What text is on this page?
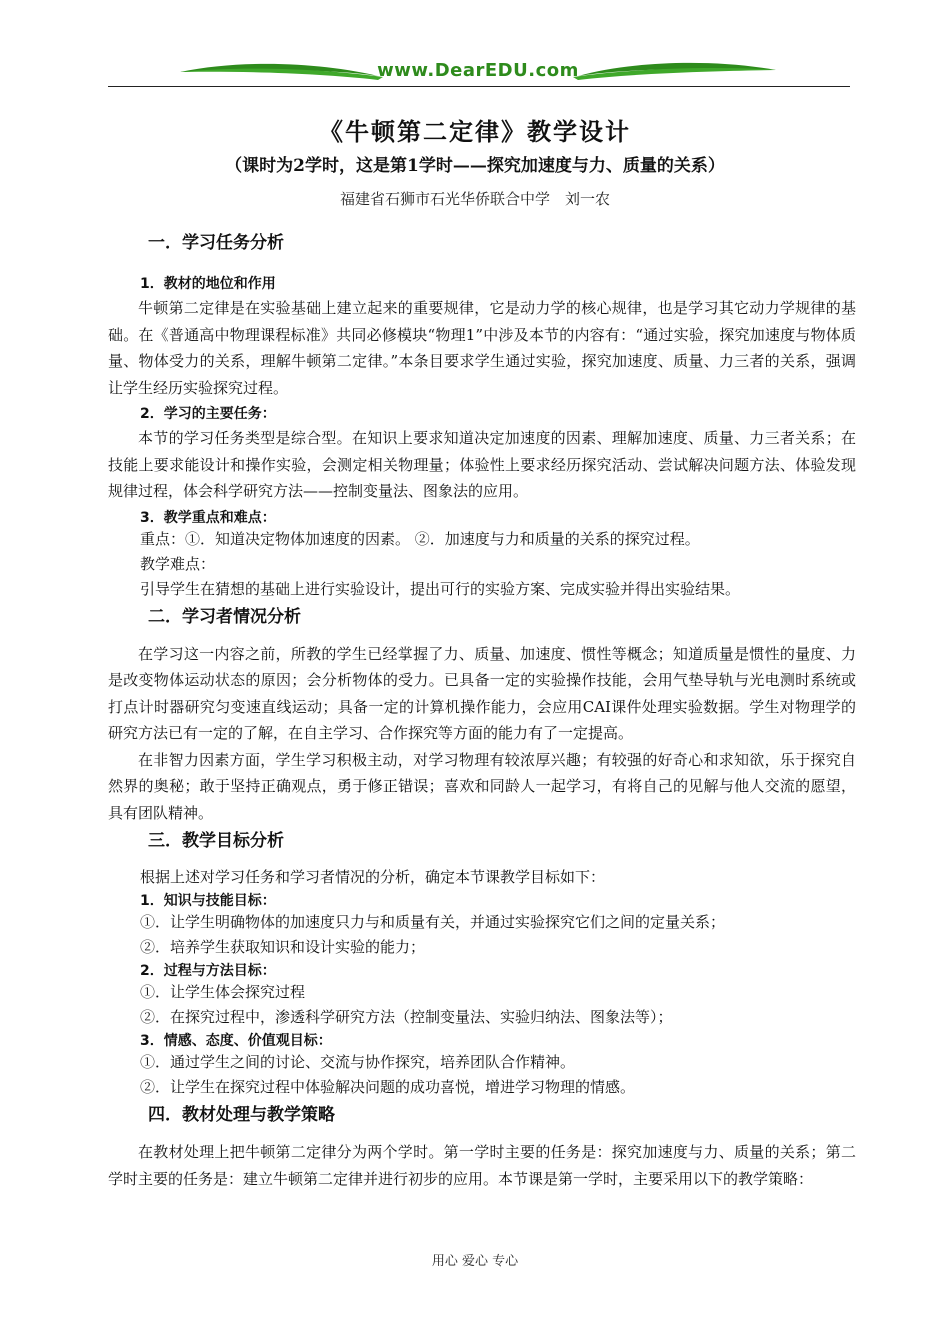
www.DearEDU.com
《牛顿第二定律》教学设计
（课时为2学时，这是第1学时——探究加速度与力、质量的关系）
福建省石狮市石光华侨联合中学　刘一农
一．学习任务分析
1．教材的地位和作用

牛顿第二定律是在实验基础上建立起来的重要规律，它是动力学的核心规律，也是学习其它动力学规律的基础。在《普通高中物理课程标准》共同必修模块“物理1”中涉及本节的内容有：“通过实验，探究加速度与物体质量、物体受力的关系，理解牛顿第二定律。”本条目要求学生通过实验，探究加速度、质量、力三者的关系，强调让学生经历实验探究过程。

2．学习的主要任务：

本节的学习任务类型是综合型。在知识上要求知道决定加速度的因素、理解加速度、质量、力三者关系；在技能上要求能设计和操作实验，会测定相关物理量；体验性上要求经历探究活动、尝试解决问题方法、体验发现规律过程，体会科学研究方法——控制变量法、图象法的应用。

3．教学重点和难点：

重点：①．知道决定物体加速度的因素。 ②．加速度与力和质量的关系的探究过程。

教学难点：

引导学生在猜想的基础上进行实验设计，提出可行的实验方案、完成实验并得出实验结果。

二．学习者情况分析

在学习这一内容之前，所教的学生已经掌握了力、质量、加速度、惯性等概念；知道质量是惯性的量度、力是改变物体运动状态的原因；会分析物体的受力。已具备一定的实验操作技能，会用气垫导轨与光电测时系统或打点计时器研究匀变速直线运动；具备一定的计算机操作能力，会应用CAI课件处理实验数据。学生对物理学的研究方法已有一定的了解，在自主学习、合作探究等方面的能力有了一定提高。

在非智力因素方面，学生学习积极主动，对学习物理有较浓厚兴趣；有较强的好奇心和求知欲，乐于探究自然界的奥秘；敢于坚持正确观点，勇于修正错误；喜欢和同龄人一起学习，有将自己的见解与他人交流的愿望，具有团队精神。

三．教学目标分析

根据上述对学习任务和学习者情况的分析，确定本节课教学目标如下：

1．知识与技能目标：

①．让学生明确物体的加速度只力与和质量有关，并通过实验探究它们之间的定量关系；

②．培养学生获取知识和设计实验的能力；

2．过程与方法目标：

①．让学生体会探究过程

②．在探究过程中，渗透科学研究方法（控制变量法、实验归纳法、图象法等）；

3．情感、态度、价值观目标：

①．通过学生之间的讨论、交流与协作探究，培养团队合作精神。

②．让学生在探究过程中体验解决问题的成功喜悦，增进学习物理的情感。

四．教材处理与教学策略

在教材处理上把牛顿第二定律分为两个学时。第一学时主要的任务是：探究加速度与力、质量的关系；第二学时主要的任务是：建立牛顿第二定律并进行初步的应用。本节课是第一学时，主要采用以下的教学策略：

用心 爱心 专心
